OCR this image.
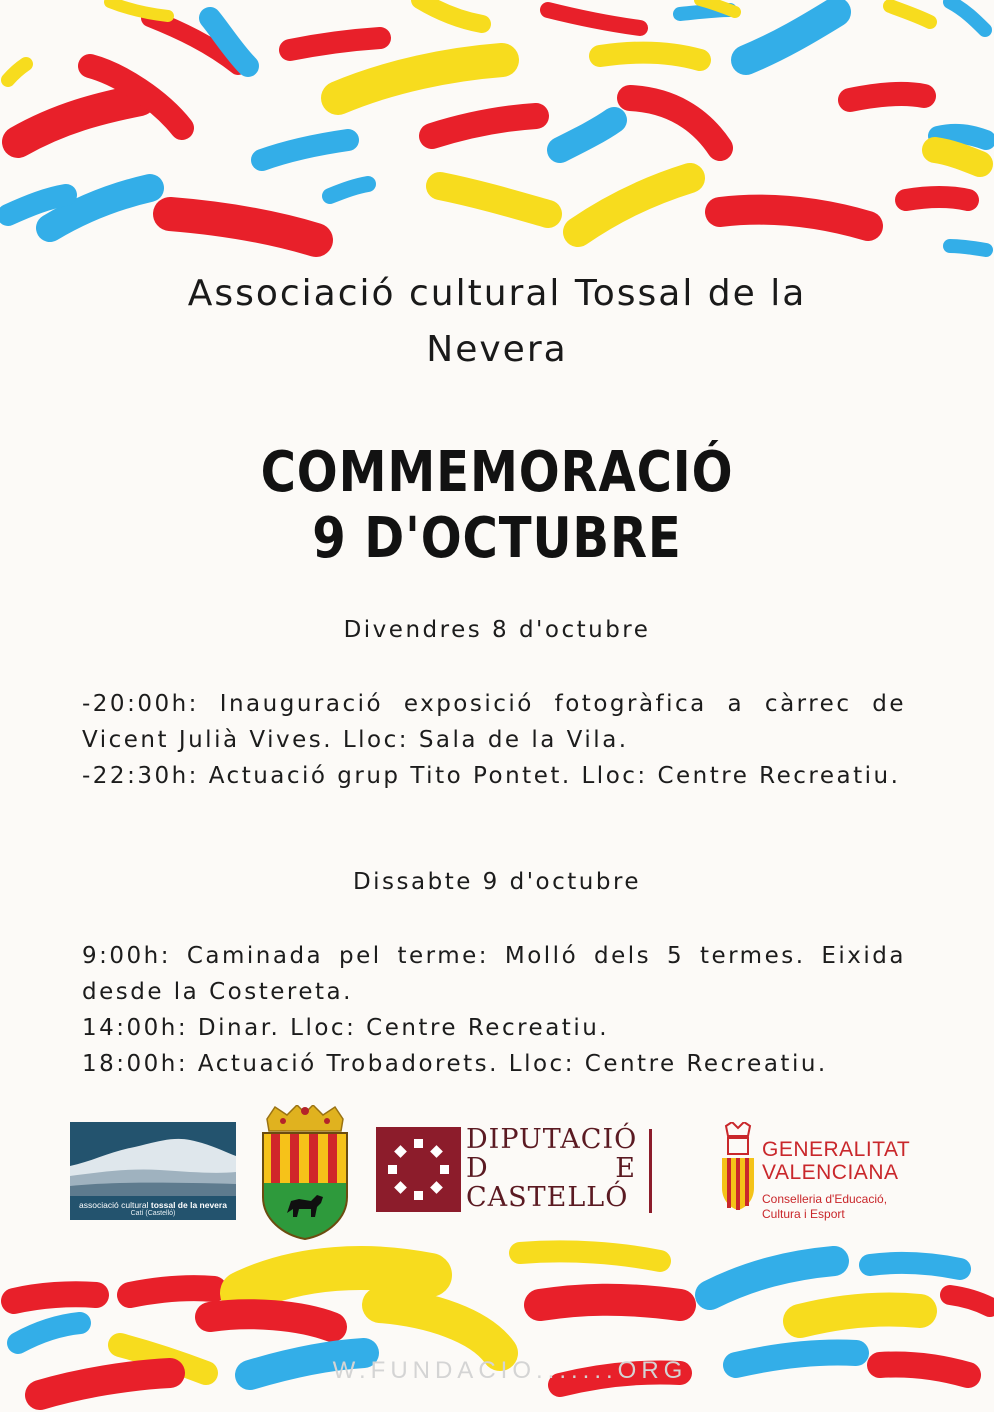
Associació cultural Tossal de la
Nevera
COMMEMORACIÓ
9 D'OCTUBRE
Divendres 8 d'octubre

-20:00h: Inauguració exposició fotogràfica a càrrec de Vicent Julià Vives. Lloc: Sala de la Vila.

-22:30h: Actuació grup Tito Pontet. Lloc: Centre Recreatiu.

Dissabte 9 d'octubre

9:00h: Caminada pel terme: Molló dels 5 termes. Eixida desde la Costereta.

14:00h: Dinar. Lloc: Centre Recreatiu.

18:00h: Actuació Trobadorets. Lloc: Centre Recreatiu.

associació cultural tossal de la nevera
Catí (Castelló)
DIPUTACIÓ
D	E
CASTELLÓ
GENERALITAT
VALENCIANA
Conselleria d'Educació,
Cultura i Esport
W.FUNDACIO.......ORG
